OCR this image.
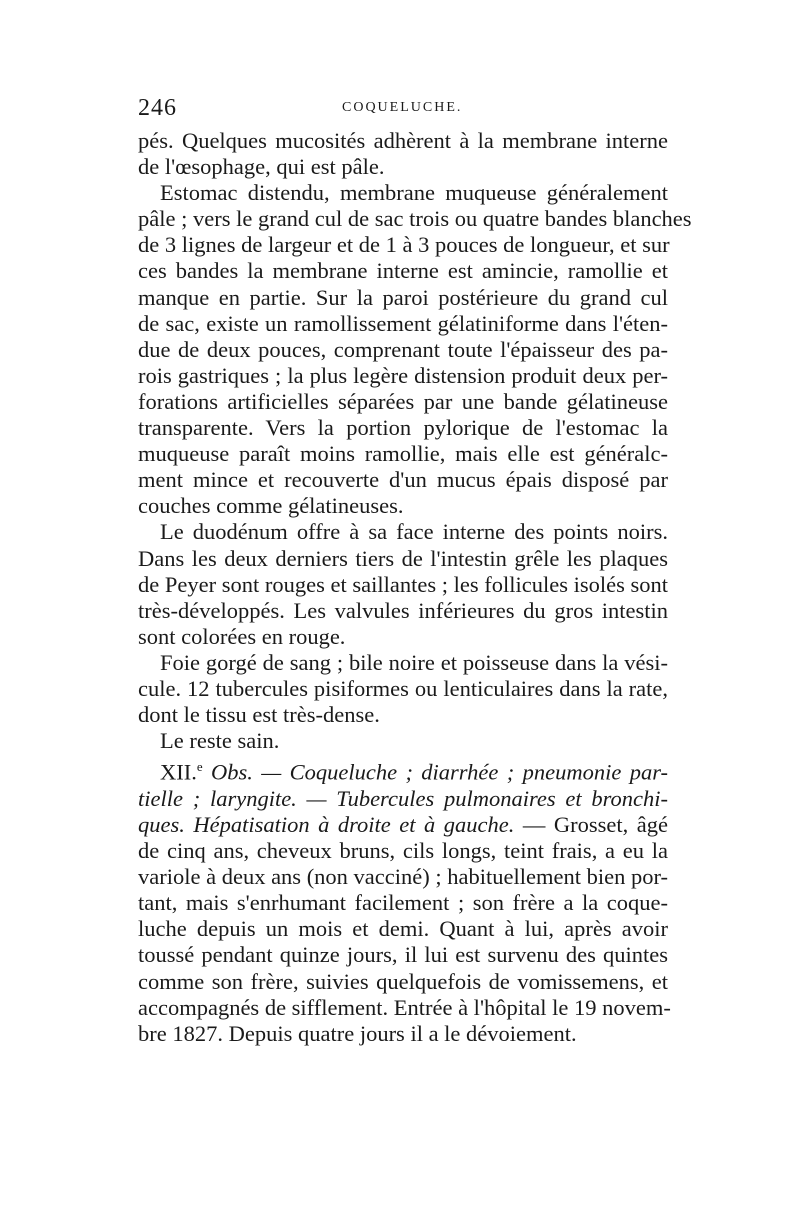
246	COQUELUCHE.
pés. Quelques mucosités adhèrent à la membrane interne
de l'œsophage, qui est pâle.
Estomac distendu, membrane muqueuse généralement
pâle ; vers le grand cul de sac trois ou quatre bandes blanches
de 3 lignes de largeur et de 1 à 3 pouces de longueur, et sur
ces bandes la membrane interne est amincie, ramollie et
manque en partie. Sur la paroi postérieure du grand cul
de sac, existe un ramollissement gélatiniforme dans l'éten-
due de deux pouces, comprenant toute l'épaisseur des pa-
rois gastriques ; la plus legère distension produit deux per-
forations artificielles séparées par une bande gélatineuse
transparente. Vers la portion pylorique de l'estomac la
muqueuse paraît moins ramollie, mais elle est généralc-
ment mince et recouverte d'un mucus épais disposé par
couches comme gélatineuses.
Le duodénum offre à sa face interne des points noirs.
Dans les deux derniers tiers de l'intestin grêle les plaques
de Peyer sont rouges et saillantes ; les follicules isolés sont
très-développés. Les valvules inférieures du gros intestin
sont colorées en rouge.
Foie gorgé de sang ; bile noire et poisseuse dans la vési-
cule. 12 tubercules pisiformes ou lenticulaires dans la rate,
dont le tissu est très-dense.
Le reste sain.
XII.$^e$ Obs. — Coqueluche ; diarrhée ; pneumonie par-
tielle ; laryngite. — Tubercules pulmonaires et bronchi-
ques. Hépatisation à droite et à gauche. — Grosset, âgé
de cinq ans, cheveux bruns, cils longs, teint frais, a eu la
variole à deux ans (non vacciné) ; habituellement bien por-
tant, mais s'enrhumant facilement ; son frère a la coque-
luche depuis un mois et demi. Quant à lui, après avoir
toussé pendant quinze jours, il lui est survenu des quintes
comme son frère, suivies quelquefois de vomissemens, et
accompagnés de sifflement. Entrée à l'hôpital le 19 novem-
bre 1827. Depuis quatre jours il a le dévoiement.
